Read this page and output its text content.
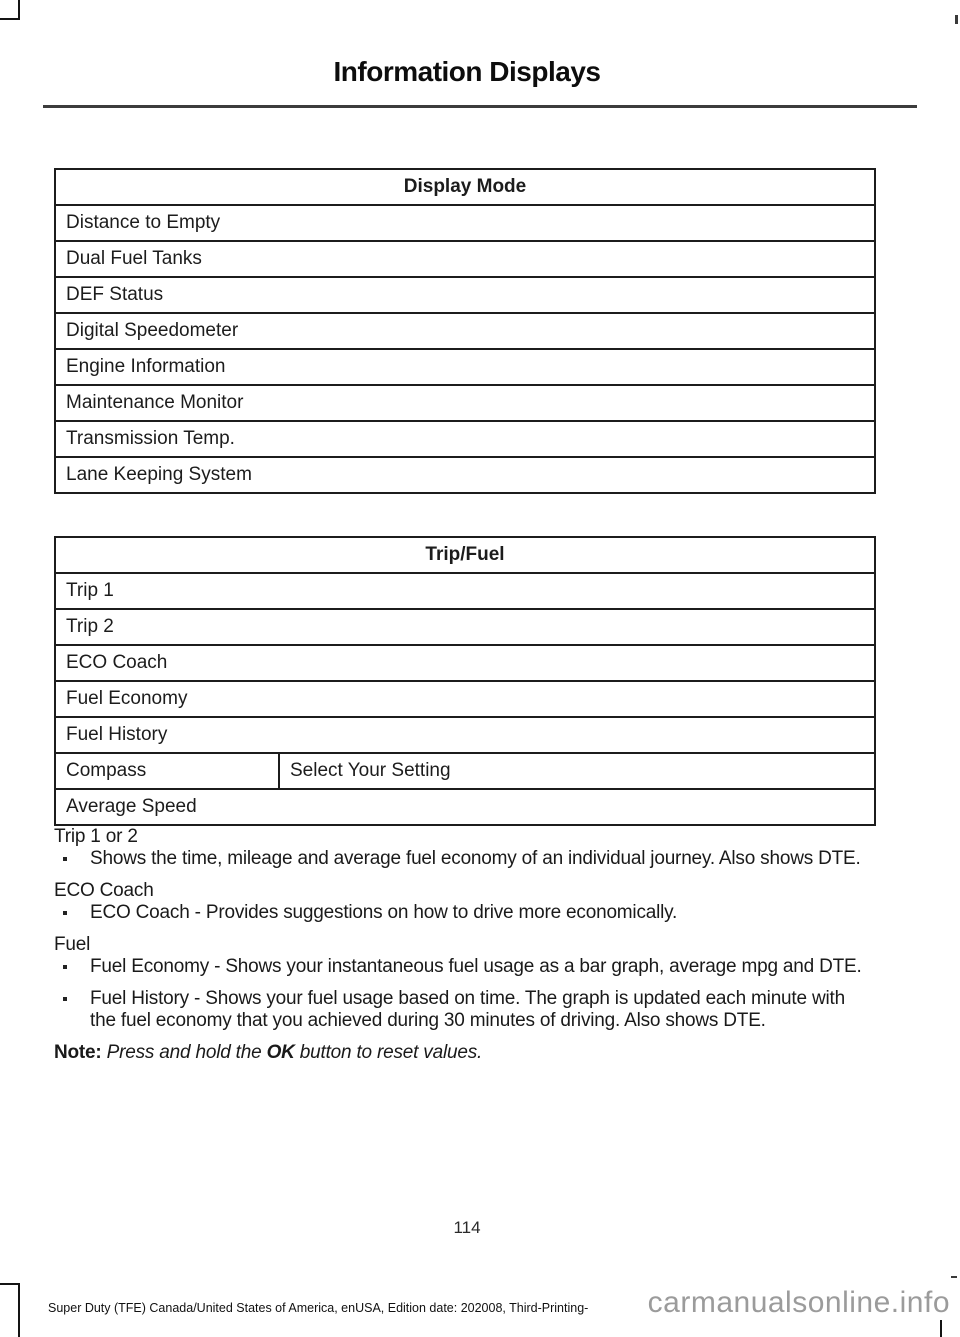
Information Displays
Display Mode
Distance to Empty
Dual Fuel Tanks
DEF Status
Digital Speedometer
Engine Information
Maintenance Monitor
Transmission Temp.
Lane Keeping System
Trip/Fuel
Trip 1
Trip 2
ECO Coach
Fuel Economy
Fuel History
Compass	Select Your Setting
Average Speed

Trip 1 or 2

Shows the time, mileage and average fuel economy of an individual journey. Also shows DTE.

ECO Coach

ECO Coach - Provides suggestions on how to drive more economically.

Fuel

Fuel Economy - Shows your instantaneous fuel usage as a bar graph, average mpg and DTE.
Fuel History - Shows your fuel usage based on time. The graph is updated each minute with the fuel economy that you achieved during 30 minutes of driving. Also shows DTE.

Note: Press and hold the OK button to reset values.

114
Super Duty (TFE) Canada/United States of America, enUSA, Edition date: 202008, Third-Printing- carmanualsonline.info
